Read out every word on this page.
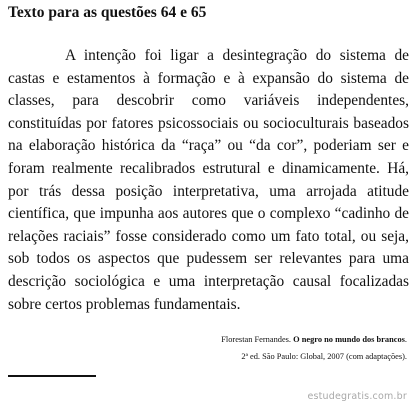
Texto para as questões 64 e 65

A intenção foi ligar a desintegração do sistema de castas e estamentos à formação e à expansão do sistema de classes, para descobrir como variáveis independentes, constituídas por fatores psicossociais ou socioculturais baseados na elaboração histórica da “raça” ou “da cor”, poderiam ser e foram realmente recalibrados estrutural e dinamicamente. Há, por trás dessa posição interpretativa, uma arrojada atitude científica, que impunha aos autores que o complexo “cadinho de relações raciais” fosse considerado como um fato total, ou seja, sob todos os aspectos que pudessem ser relevantes para uma descrição sociológica e uma interpretação causal focalizadas sobre certos problemas fundamentais.

Florestan Fernandes. O negro no mundo dos brancos.
2ª ed. São Paulo: Global, 2007 (com adaptações).
estudegratis.com.br
